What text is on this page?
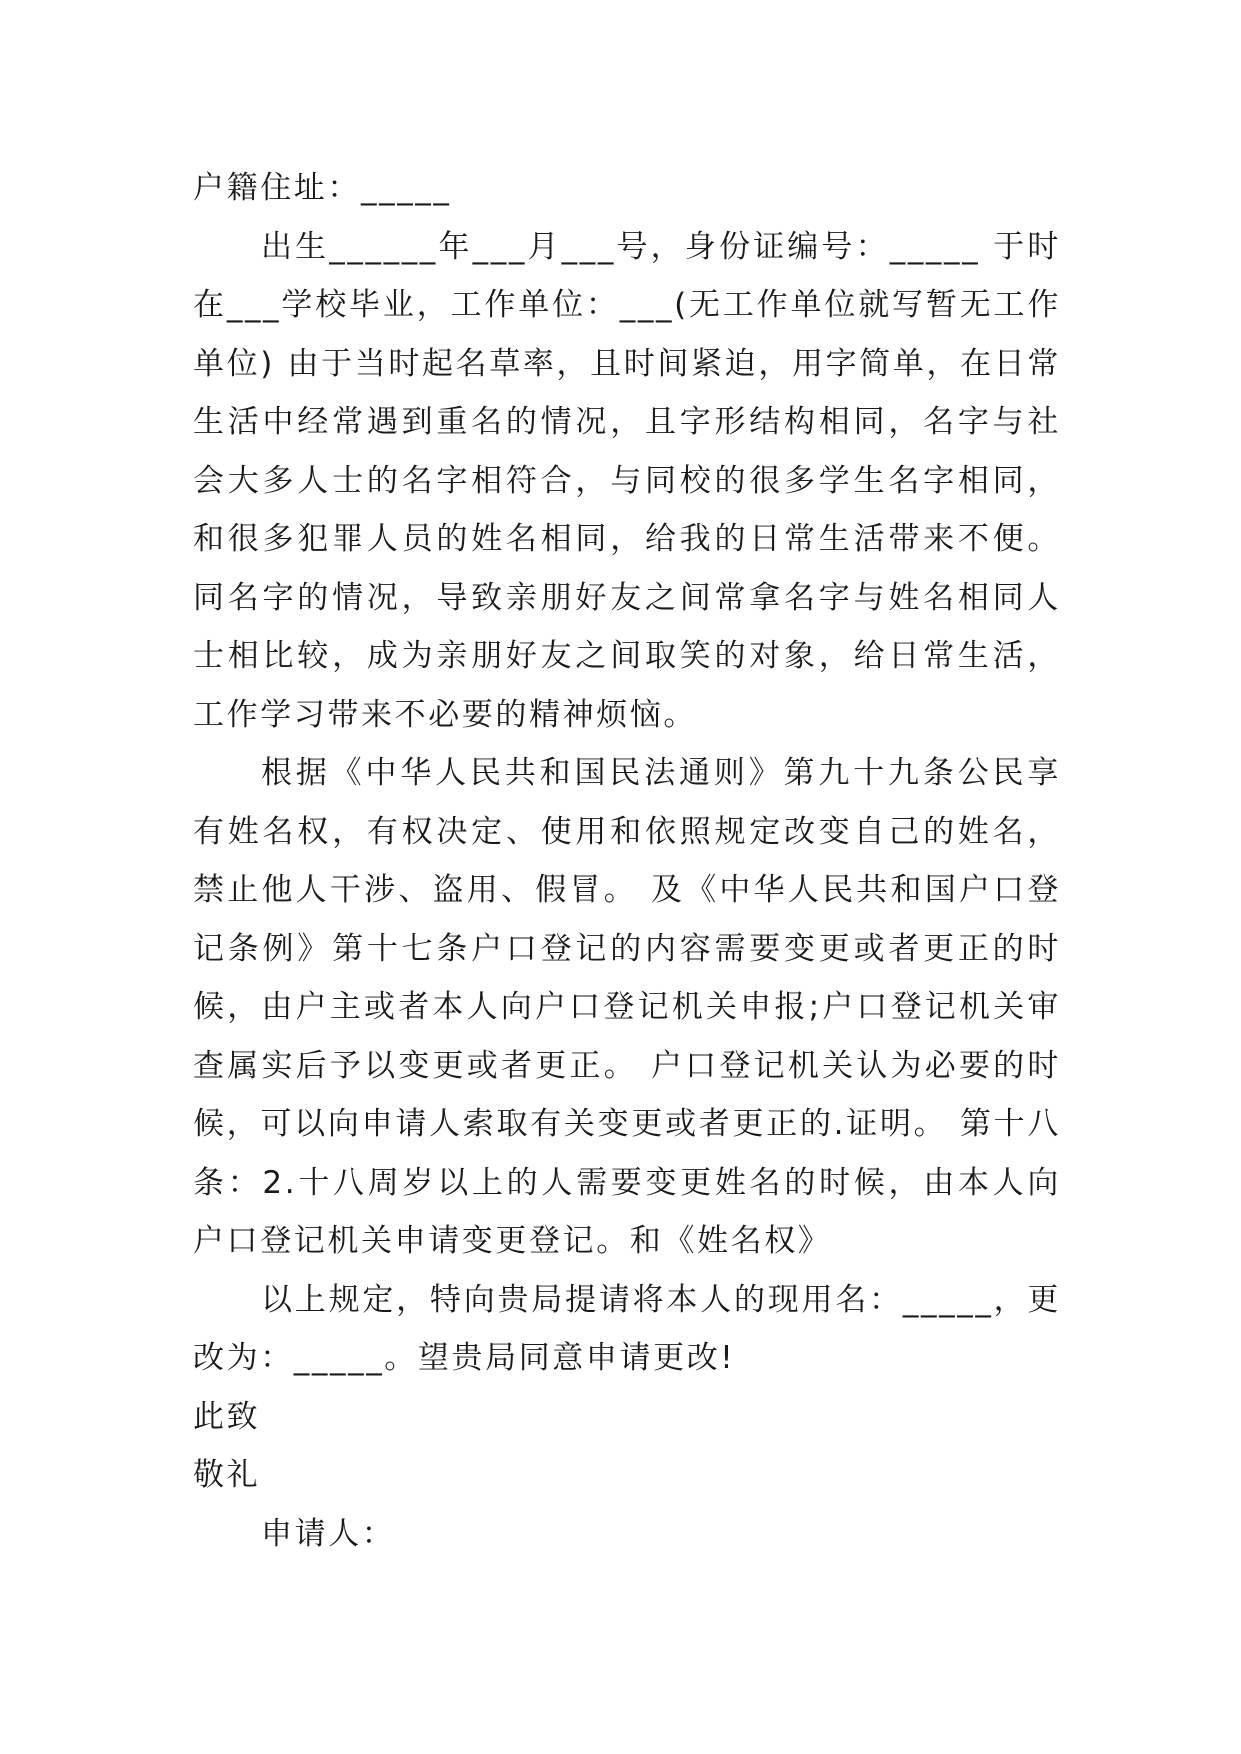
户籍住址：_____

出生______年___月___号，身份证编号：_____ 于时在___学校毕业，工作单位：___(无工作单位就写暂无工作单位) 由于当时起名草率，且时间紧迫，用字简单，在日常生活中经常遇到重名的情况，且字形结构相同，名字与社会大多人士的名字相符合，与同校的很多学生名字相同，和很多犯罪人员的姓名相同，给我的日常生活带来不便。同名字的情况，导致亲朋好友之间常拿名字与姓名相同人士相比较，成为亲朋好友之间取笑的对象，给日常生活，工作学习带来不必要的精神烦恼。

根据《中华人民共和国民法通则》第九十九条公民享有姓名权，有权决定、使用和依照规定改变自己的姓名，禁止他人干涉、盗用、假冒。 及《中华人民共和国户口登记条例》第十七条户口登记的内容需要变更或者更正的时候，由户主或者本人向户口登记机关申报;户口登记机关审查属实后予以变更或者更正。 户口登记机关认为必要的时候，可以向申请人索取有关变更或者更正的.证明。 第十八条：2.十八周岁以上的人需要变更姓名的时候，由本人向户口登记机关申请变更登记。和《姓名权》

以上规定，特向贵局提请将本人的现用名：_____，更改为：_____。望贵局同意申请更改!

此致

敬礼

申请人：
